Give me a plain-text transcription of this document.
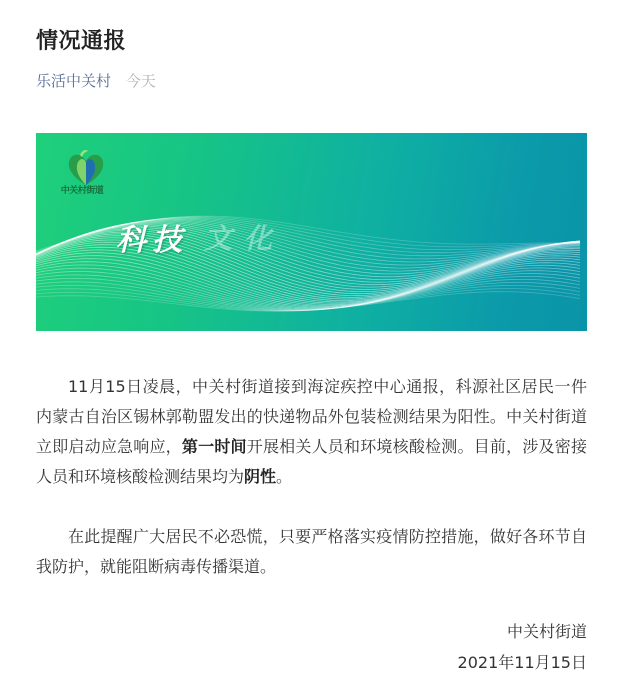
情况通报
乐活中关村 今天
中关村街道
科技 文化

11月15日凌晨，中关村街道接到海淀疾控中心通报，科源社区居民一件内蒙古自治区锡林郭勒盟发出的快递物品外包装检测结果为阳性。中关村街道立即启动应急响应，第一时间开展相关人员和环境核酸检测。目前，涉及密接人员和环境核酸检测结果均为阴性。

在此提醒广大居民不必恐慌，只要严格落实疫情防控措施，做好各环节自我防护，就能阻断病毒传播渠道。

中关村街道
2021年11月15日
